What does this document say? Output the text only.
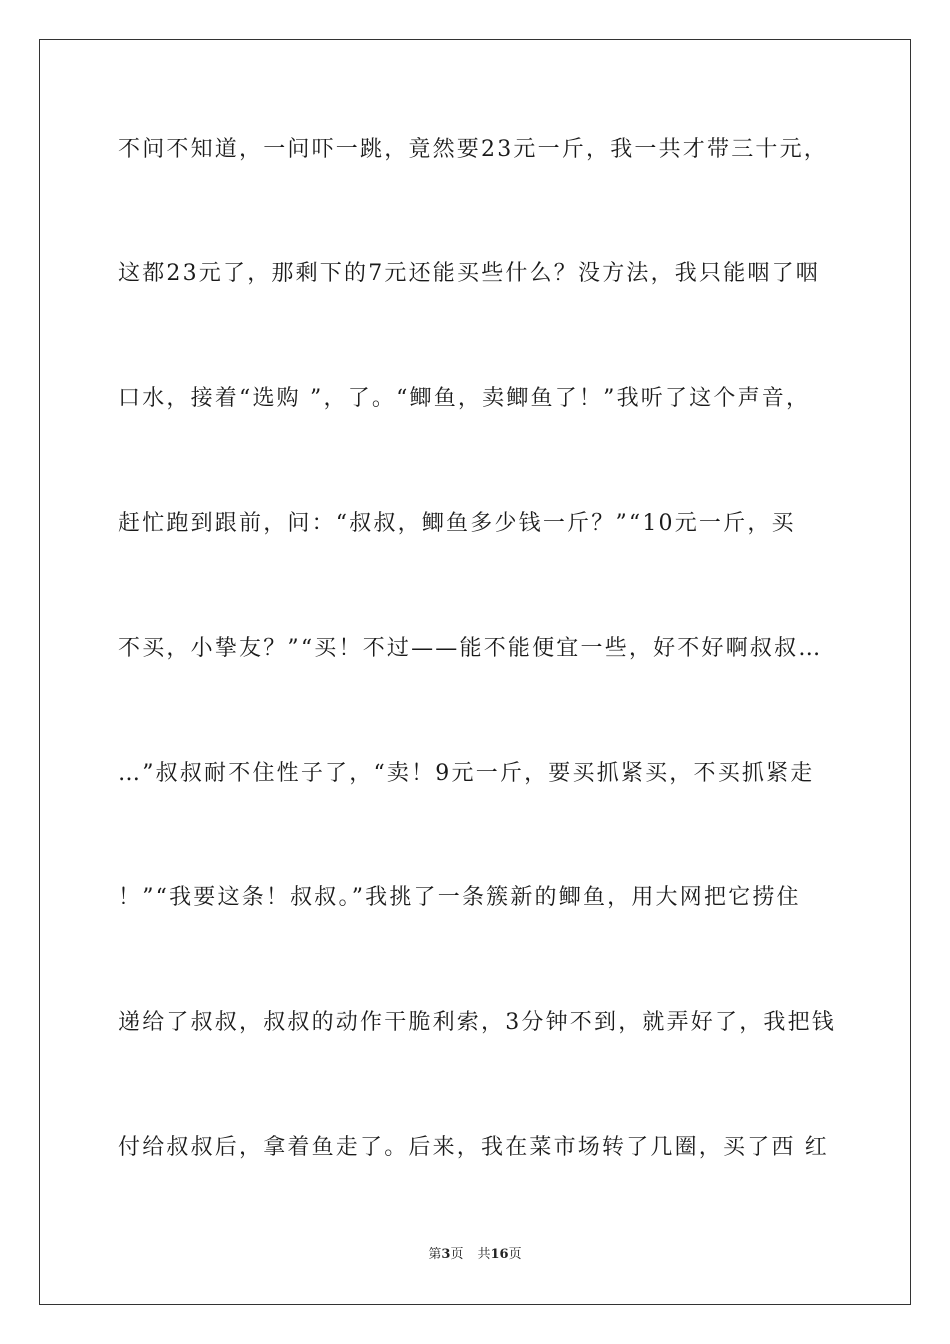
不问不知道，一问吓一跳，竟然要23元一斤，我一共才带三十元，
这都23元了，那剩下的7元还能买些什么？没方法，我只能咽了咽
口水，接着“选购 ”，了。“鲫鱼，卖鲫鱼了！”我听了这个声音，
赶忙跑到跟前，问：“叔叔，鲫鱼多少钱一斤？”“10元一斤，买
不买，小挚友？”“买！不过——能不能便宜一些，好不好啊叔叔…
…”叔叔耐不住性子了，“卖！9元一斤，要买抓紧买，不买抓紧走
！”“我要这条！叔叔。”我挑了一条簇新的鲫鱼，用大网把它捞住
递给了叔叔，叔叔的动作干脆利索，3分钟不到，就弄好了，我把钱
付给叔叔后，拿着鱼走了。后来，我在菜市场转了几圈，买了西 红
第3页 共16页
